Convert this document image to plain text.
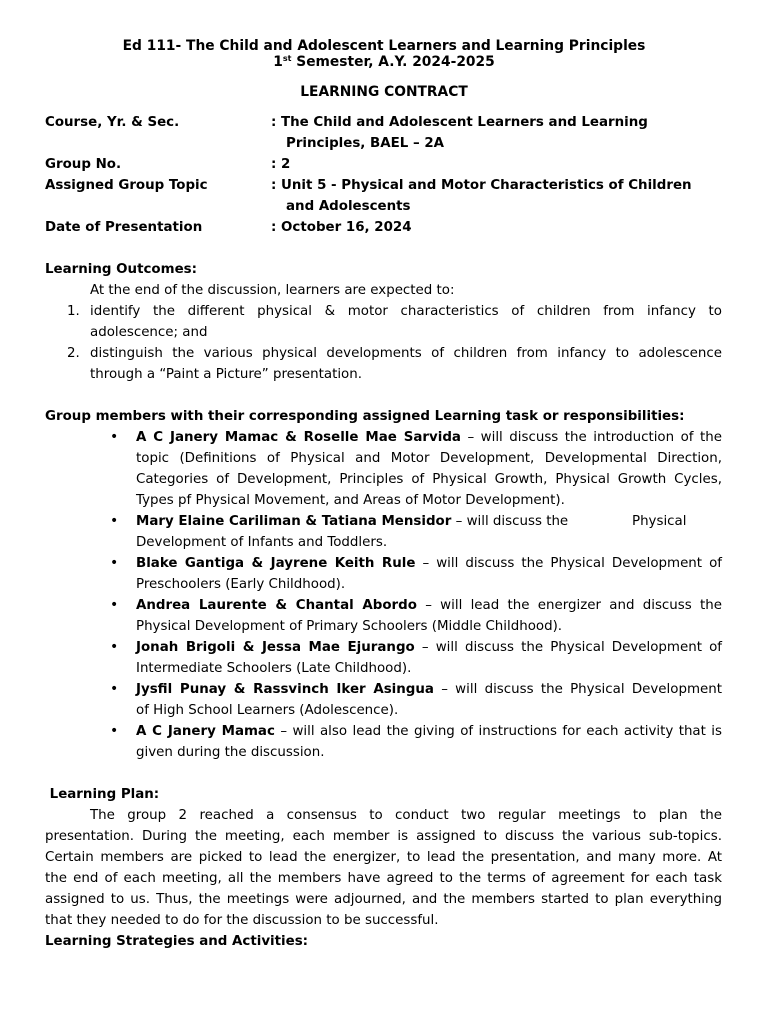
Ed 111- The Child and Adolescent Learners and Learning Principles
1st Semester, A.Y. 2024-2025
LEARNING CONTRACT
Course, Yr. & Sec.	: The Child and Adolescent Learners and Learning
Principles, BAEL – 2A
Group No.	: 2
Assigned Group Topic	: Unit 5 - Physical and Motor Characteristics of Children
and Adolescents
Date of Presentation	: October 16, 2024
Learning Outcomes:
At the end of the discussion, learners are expected to:
1. identify the different physical & motor characteristics of children from infancy to
adolescence; and
2. distinguish the various physical developments of children from infancy to adolescence
through a “Paint a Picture” presentation.
Group members with their corresponding assigned Learning task or responsibilities:
• A C Janery Mamac & Roselle Mae Sarvida – will discuss the introduction of the
topic (Definitions of Physical and Motor Development, Developmental Direction,
Categories of Development, Principles of Physical Growth, Physical Growth Cycles,
Types pf Physical Movement, and Areas of Motor Development).
• Mary Elaine Cariliman & Tatiana Mensidor – will discuss the	Physical
Development of Infants and Toddlers.
• Blake Gantiga & Jayrene Keith Rule – will discuss the Physical Development of
Preschoolers (Early Childhood).
• Andrea Laurente & Chantal Abordo – will lead the energizer and discuss the
Physical Development of Primary Schoolers (Middle Childhood).
• Jonah Brigoli & Jessa Mae Ejurango – will discuss the Physical Development of
Intermediate Schoolers (Late Childhood).
• Jysfil Punay & Rassvinch Iker Asingua – will discuss the Physical Development
of High School Learners (Adolescence).
• A C Janery Mamac – will also lead the giving of instructions for each activity that is
given during the discussion.
Learning Plan:
The group 2 reached a consensus to conduct two regular meetings to plan the
presentation. During the meeting, each member is assigned to discuss the various sub-topics.
Certain members are picked to lead the energizer, to lead the presentation, and many more. At
the end of each meeting, all the members have agreed to the terms of agreement for each task
assigned to us. Thus, the meetings were adjourned, and the members started to plan everything
that they needed to do for the discussion to be successful.
Learning Strategies and Activities:
